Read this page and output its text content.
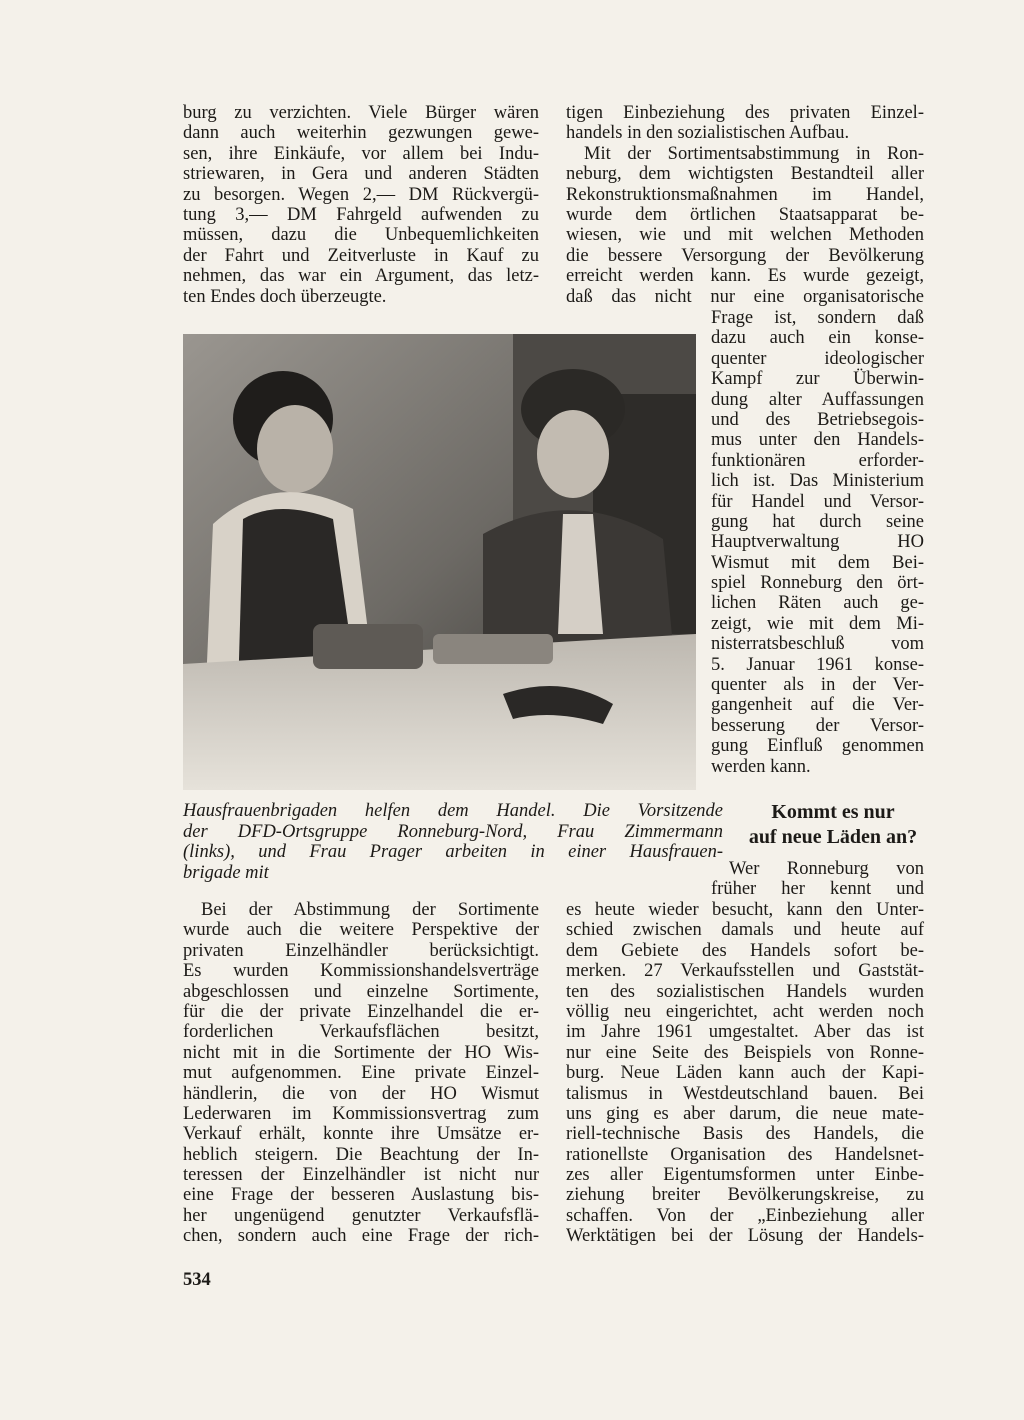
burg zu verzichten. Viele Bürger wären
dann auch weiterhin gezwungen gewe-
sen, ihre Einkäufe, vor allem bei Indu-
striewaren, in Gera und anderen Städten
zu besorgen. Wegen 2,— DM Rückvergü-
tung 3,— DM Fahrgeld aufwenden zu
müssen, dazu die Unbequemlichkeiten
der Fahrt und Zeitverluste in Kauf zu
nehmen, das war ein Argument, das letz-
ten Endes doch überzeugte.
tigen Einbeziehung des privaten Einzel-
handels in den sozialistischen Aufbau.
Mit der Sortimentsabstimmung in Ron-
neburg, dem wichtigsten Bestandteil aller
Rekonstruktionsmaßnahmen im Handel,
wurde dem örtlichen Staatsapparat be-
wiesen, wie und mit welchen Methoden
die bessere Versorgung der Bevölkerung
erreicht werden kann. Es wurde gezeigt,
daß das nicht nur eine organisatorische
Frage ist, sondern daß
dazu auch ein konse-
quenter ideologischer
Kampf zur Überwin-
dung alter Auffassungen
und des Betriebsegois-
mus unter den Handels-
funktionären erforder-
lich ist. Das Ministerium
für Handel und Versor-
gung hat durch seine
Hauptverwaltung HO
Wismut mit dem Bei-
spiel Ronneburg den ört-
lichen Räten auch ge-
zeigt, wie mit dem Mi-
nisterratsbeschluß vom
5. Januar 1961 konse-
quenter als in der Ver-
gangenheit auf die Ver-
besserung der Versor-
gung Einfluß genommen
werden kann.
Hausfrauenbrigaden helfen dem Handel. Die Vorsitzende
der DFD-Ortsgruppe Ronneburg-Nord, Frau Zimmermann
(links), und Frau Prager arbeiten in einer Hausfrauen-
brigade mit
Kommt es nur
auf neue Läden an?
Wer Ronneburg von
früher her kennt und
Bei der Abstimmung der Sortimente
wurde auch die weitere Perspektive der
privaten Einzelhändler berücksichtigt.
Es wurden Kommissionshandelsverträge
abgeschlossen und einzelne Sortimente,
für die der private Einzelhandel die er-
forderlichen Verkaufsflächen besitzt,
nicht mit in die Sortimente der HO Wis-
mut aufgenommen. Eine private Einzel-
händlerin, die von der HO Wismut
Lederwaren im Kommissionsvertrag zum
Verkauf erhält, konnte ihre Umsätze er-
heblich steigern. Die Beachtung der In-
teressen der Einzelhändler ist nicht nur
eine Frage der besseren Auslastung bis-
her ungenügend genutzter Verkaufsflä-
chen, sondern auch eine Frage der rich-
es heute wieder besucht, kann den Unter-
schied zwischen damals und heute auf
dem Gebiete des Handels sofort be-
merken. 27 Verkaufsstellen und Gaststät-
ten des sozialistischen Handels wurden
völlig neu eingerichtet, acht werden noch
im Jahre 1961 umgestaltet. Aber das ist
nur eine Seite des Beispiels von Ronne-
burg. Neue Läden kann auch der Kapi-
talismus in Westdeutschland bauen. Bei
uns ging es aber darum, die neue mate-
riell-technische Basis des Handels, die
rationellste Organisation des Handelsnet-
zes aller Eigentumsformen unter Einbe-
ziehung breiter Bevölkerungskreise, zu
schaffen. Von der „Einbeziehung aller
Werktätigen bei der Lösung der Handels-
534
